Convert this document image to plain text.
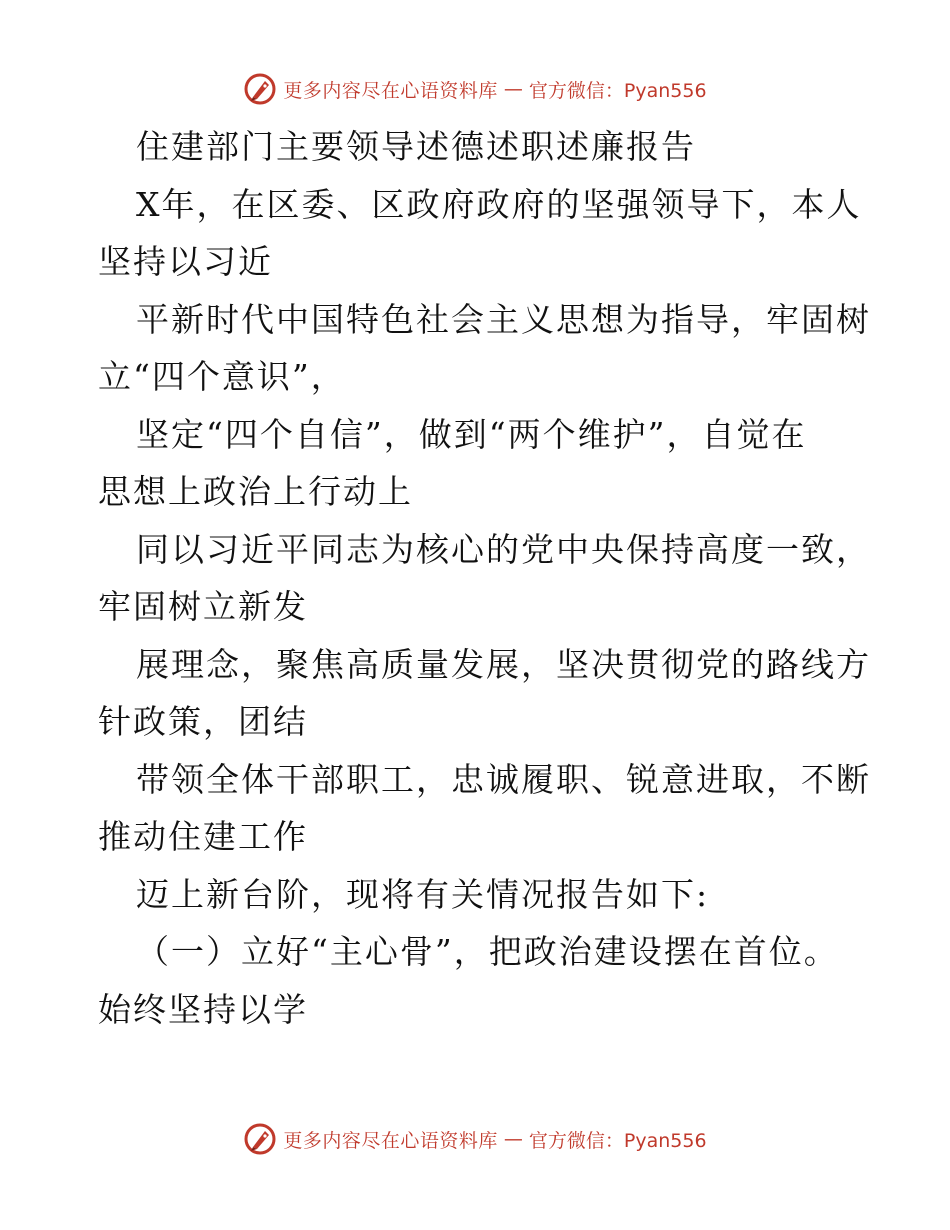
更多内容尽在心语资料库 — 官方微信：Pyan556
住建部门主要领导述德述职述廉报告
X年，在区委、区政府政府的坚强领导下，本人
坚持以习近
平新时代中国特色社会主义思想为指导，牢固树
立“四个意识”，
坚定“四个自信”，做到“两个维护”，自觉在
思想上政治上行动上
同以习近平同志为核心的党中央保持高度一致，
牢固树立新发
展理念，聚焦高质量发展，坚决贯彻党的路线方
针政策，团结
带领全体干部职工，忠诚履职、锐意进取，不断
推动住建工作
迈上新台阶，现将有关情况报告如下:
（一）立好“主心骨”，把政治建设摆在首位。
始终坚持以学
更多内容尽在心语资料库 — 官方微信：Pyan556
